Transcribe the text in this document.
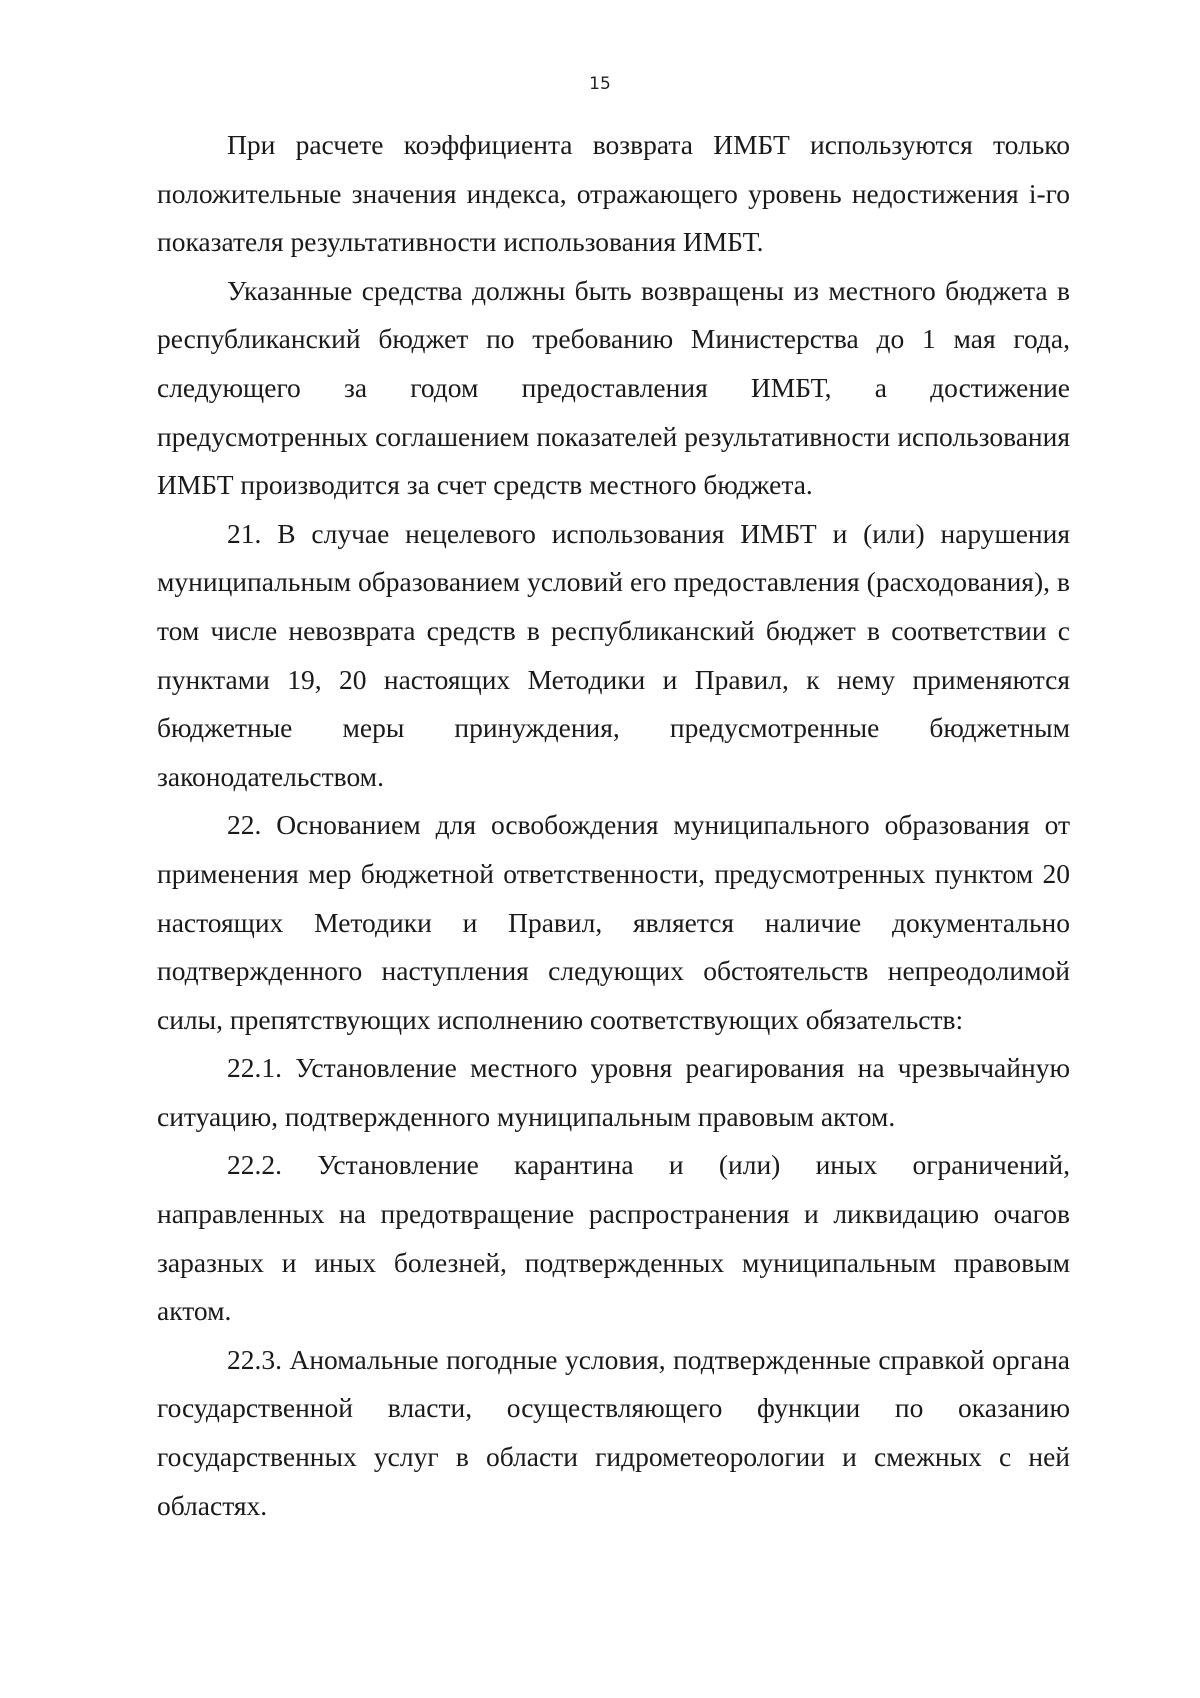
15

При расчете коэффициента возврата ИМБТ используются только положительные значения индекса, отражающего уровень недостижения i-го показателя результативности использования ИМБТ.

Указанные средства должны быть возвращены из местного бюджета в республиканский бюджет по требованию Министерства до 1 мая года, следующего за годом предоставления ИМБТ, а достижение предусмотренных соглашением показателей результативности использования ИМБТ производится за счет средств местного бюджета.

21. В случае нецелевого использования ИМБТ и (или) нарушения муниципальным образованием условий его предоставления (расходования), в том числе невозврата средств в республиканский бюджет в соответствии с пунктами 19, 20 настоящих Методики и Правил, к нему применяются бюджетные меры принуждения, предусмотренные бюджетным законодательством.

22. Основанием для освобождения муниципального образования от применения мер бюджетной ответственности, предусмотренных пунктом 20 настоящих Методики и Правил, является наличие документально подтвержденного наступления следующих обстоятельств непреодолимой силы, препятствующих исполнению соответствующих обязательств:

22.1. Установление местного уровня реагирования на чрезвычайную ситуацию, подтвержденного муниципальным правовым актом.

22.2. Установление карантина и (или) иных ограничений, направленных на предотвращение распространения и ликвидацию очагов заразных и иных болезней, подтвержденных муниципальным правовым актом.

22.3. Аномальные погодные условия, подтвержденные справкой органа государственной власти, осуществляющего функции по оказанию государственных услуг в области гидрометеорологии и смежных с ней областях.
